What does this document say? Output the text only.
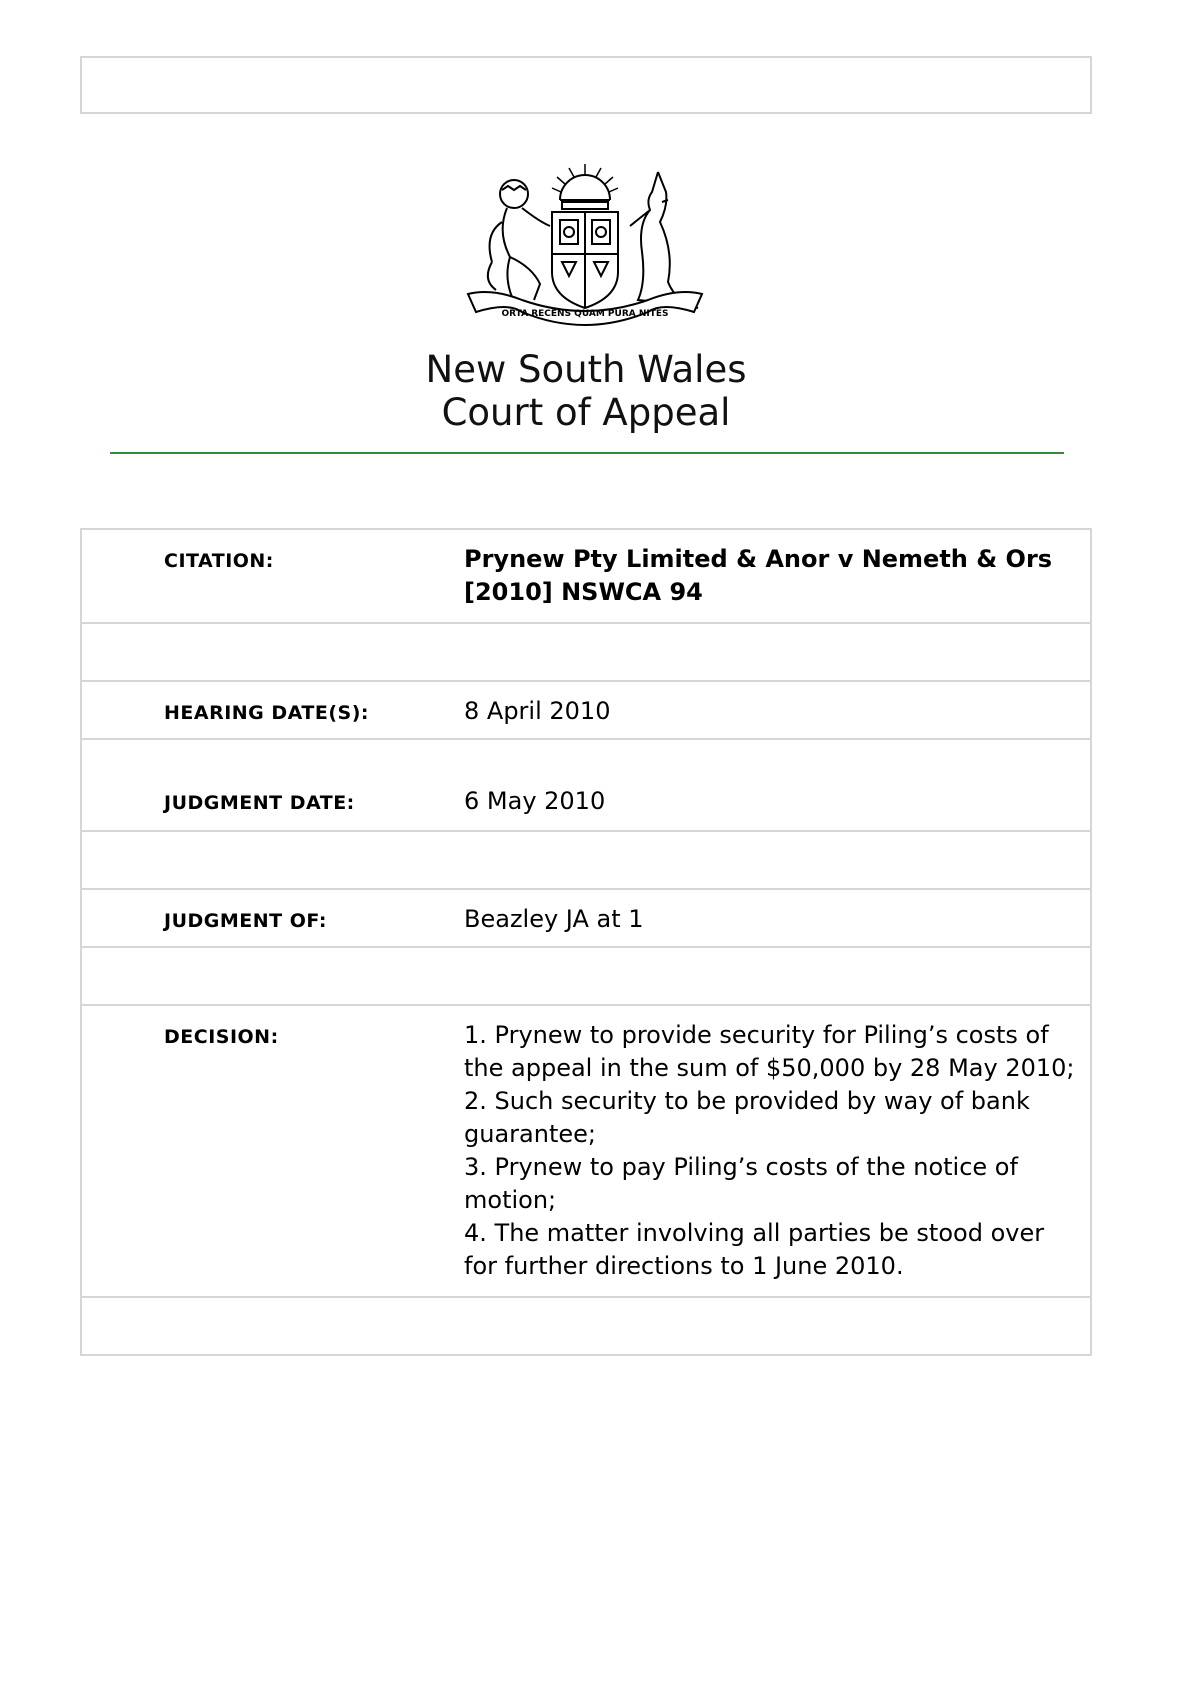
ORTA RECENS QUAM PURA NITES
New South Wales
Court of Appeal
CITATION:	Prynew Pty Limited & Anor v Nemeth & Ors
[2010] NSWCA 94

HEARING DATE(S):	8 April 2010
JUDGMENT DATE:	6 May 2010

JUDGMENT OF:	Beazley JA at 1

DECISION:	1. Prynew to provide security for Piling’s costs of the appeal in the sum of $50,000 by 28 May 2010;
2. Such security to be provided by way of bank guarantee;
3. Prynew to pay Piling’s costs of the notice of motion;
4. The matter involving all parties be stood over for further directions to 1 June 2010.
